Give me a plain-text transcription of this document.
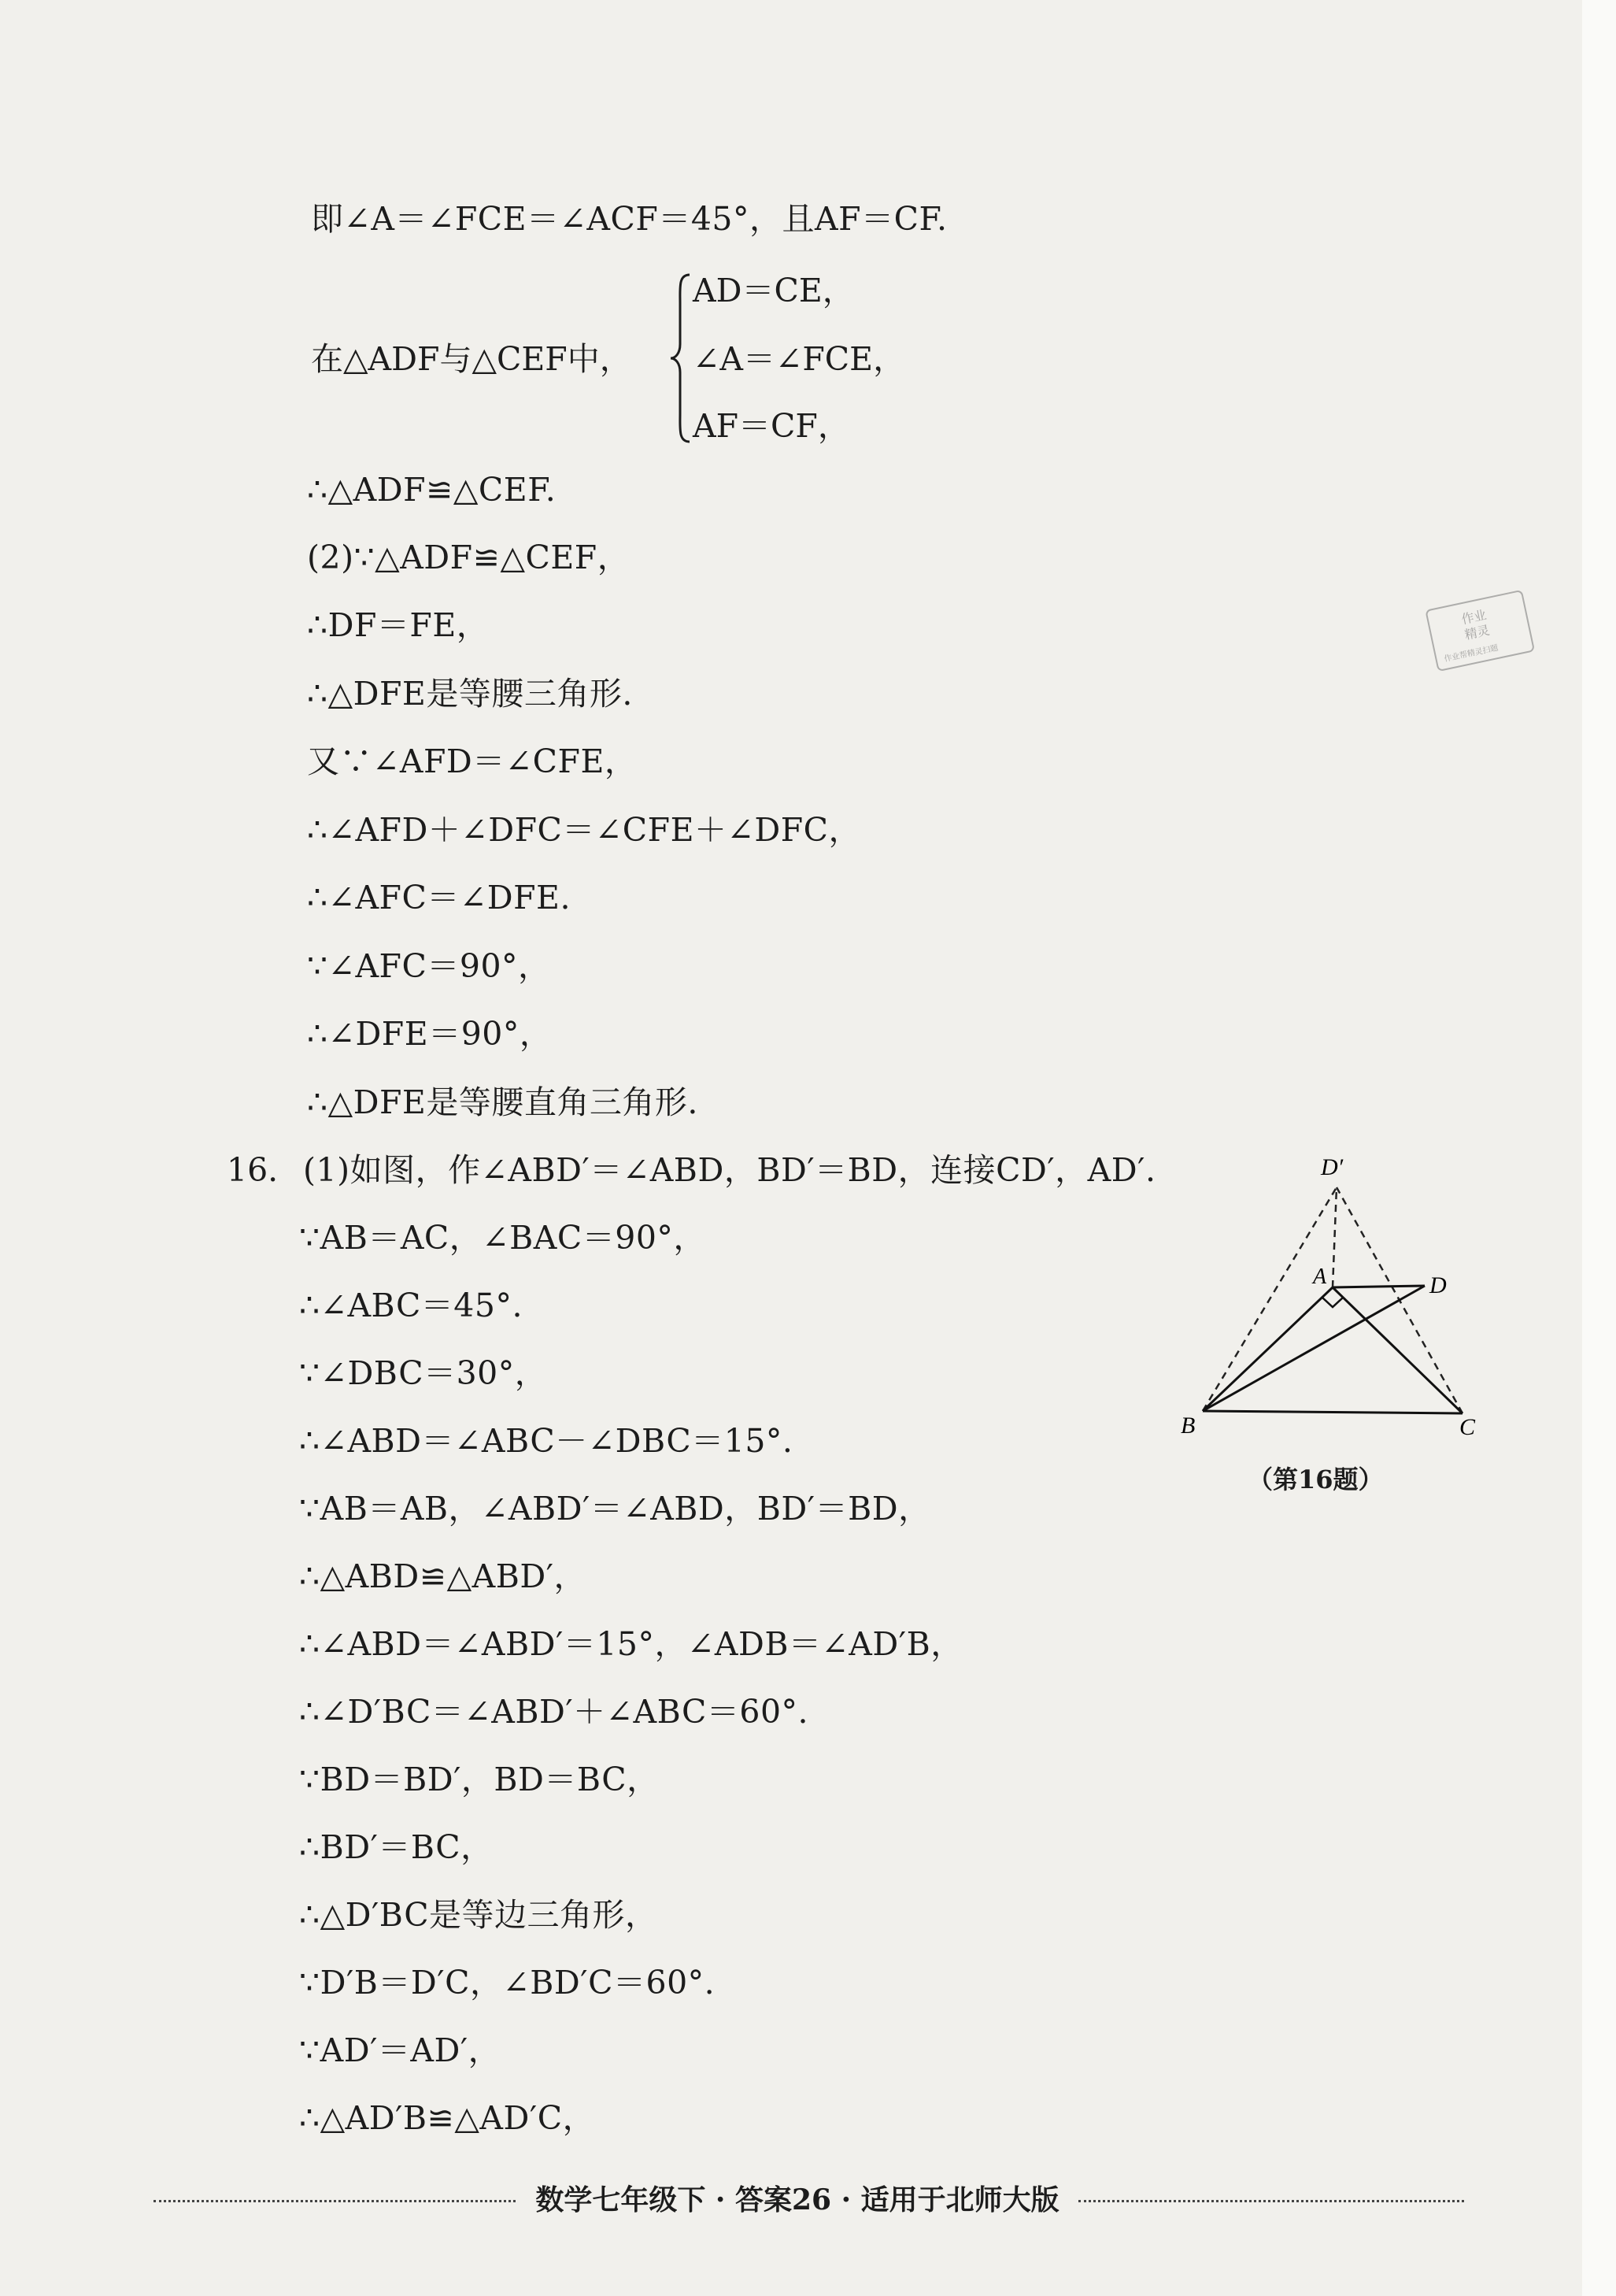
即∠A＝∠FCE＝∠ACF＝45°，且AF＝CF.
在△ADF与△CEF中，
AD＝CE，
∠A＝∠FCE，
AF＝CF，
∴△ADF≌△CEF.
(2)∵△ADF≌△CEF，
∴DF＝FE，
∴△DFE是等腰三角形.
又∵∠AFD＝∠CFE，
∴∠AFD＋∠DFC＝∠CFE＋∠DFC，
∴∠AFC＝∠DFE.
∵∠AFC＝90°，
∴∠DFE＝90°，
∴△DFE是等腰直角三角形.
16. (1)如图，作∠ABD′＝∠ABD，BD′＝BD，连接CD′，AD′.
∵AB＝AC，∠BAC＝90°，
∴∠ABC＝45°.
∵∠DBC＝30°，
∴∠ABD＝∠ABC－∠DBC＝15°.
∵AB＝AB，∠ABD′＝∠ABD，BD′＝BD，
∴△ABD≌△ABD′，
∴∠ABD＝∠ABD′＝15°，∠ADB＝∠AD′B，
∴∠D′BC＝∠ABD′＋∠ABC＝60°.
∵BD＝BD′，BD＝BC，
∴BD′＝BC，
∴△D′BC是等边三角形，
∵D′B＝D′C，∠BD′C＝60°.
∵AD′＝AD′，
∴△AD′B≌△AD′C，
D′
A	D
B	C
（第16题）
作业
精灵
作业帮精灵扫题
数学七年级下 · 答案26 · 适用于北师大版
